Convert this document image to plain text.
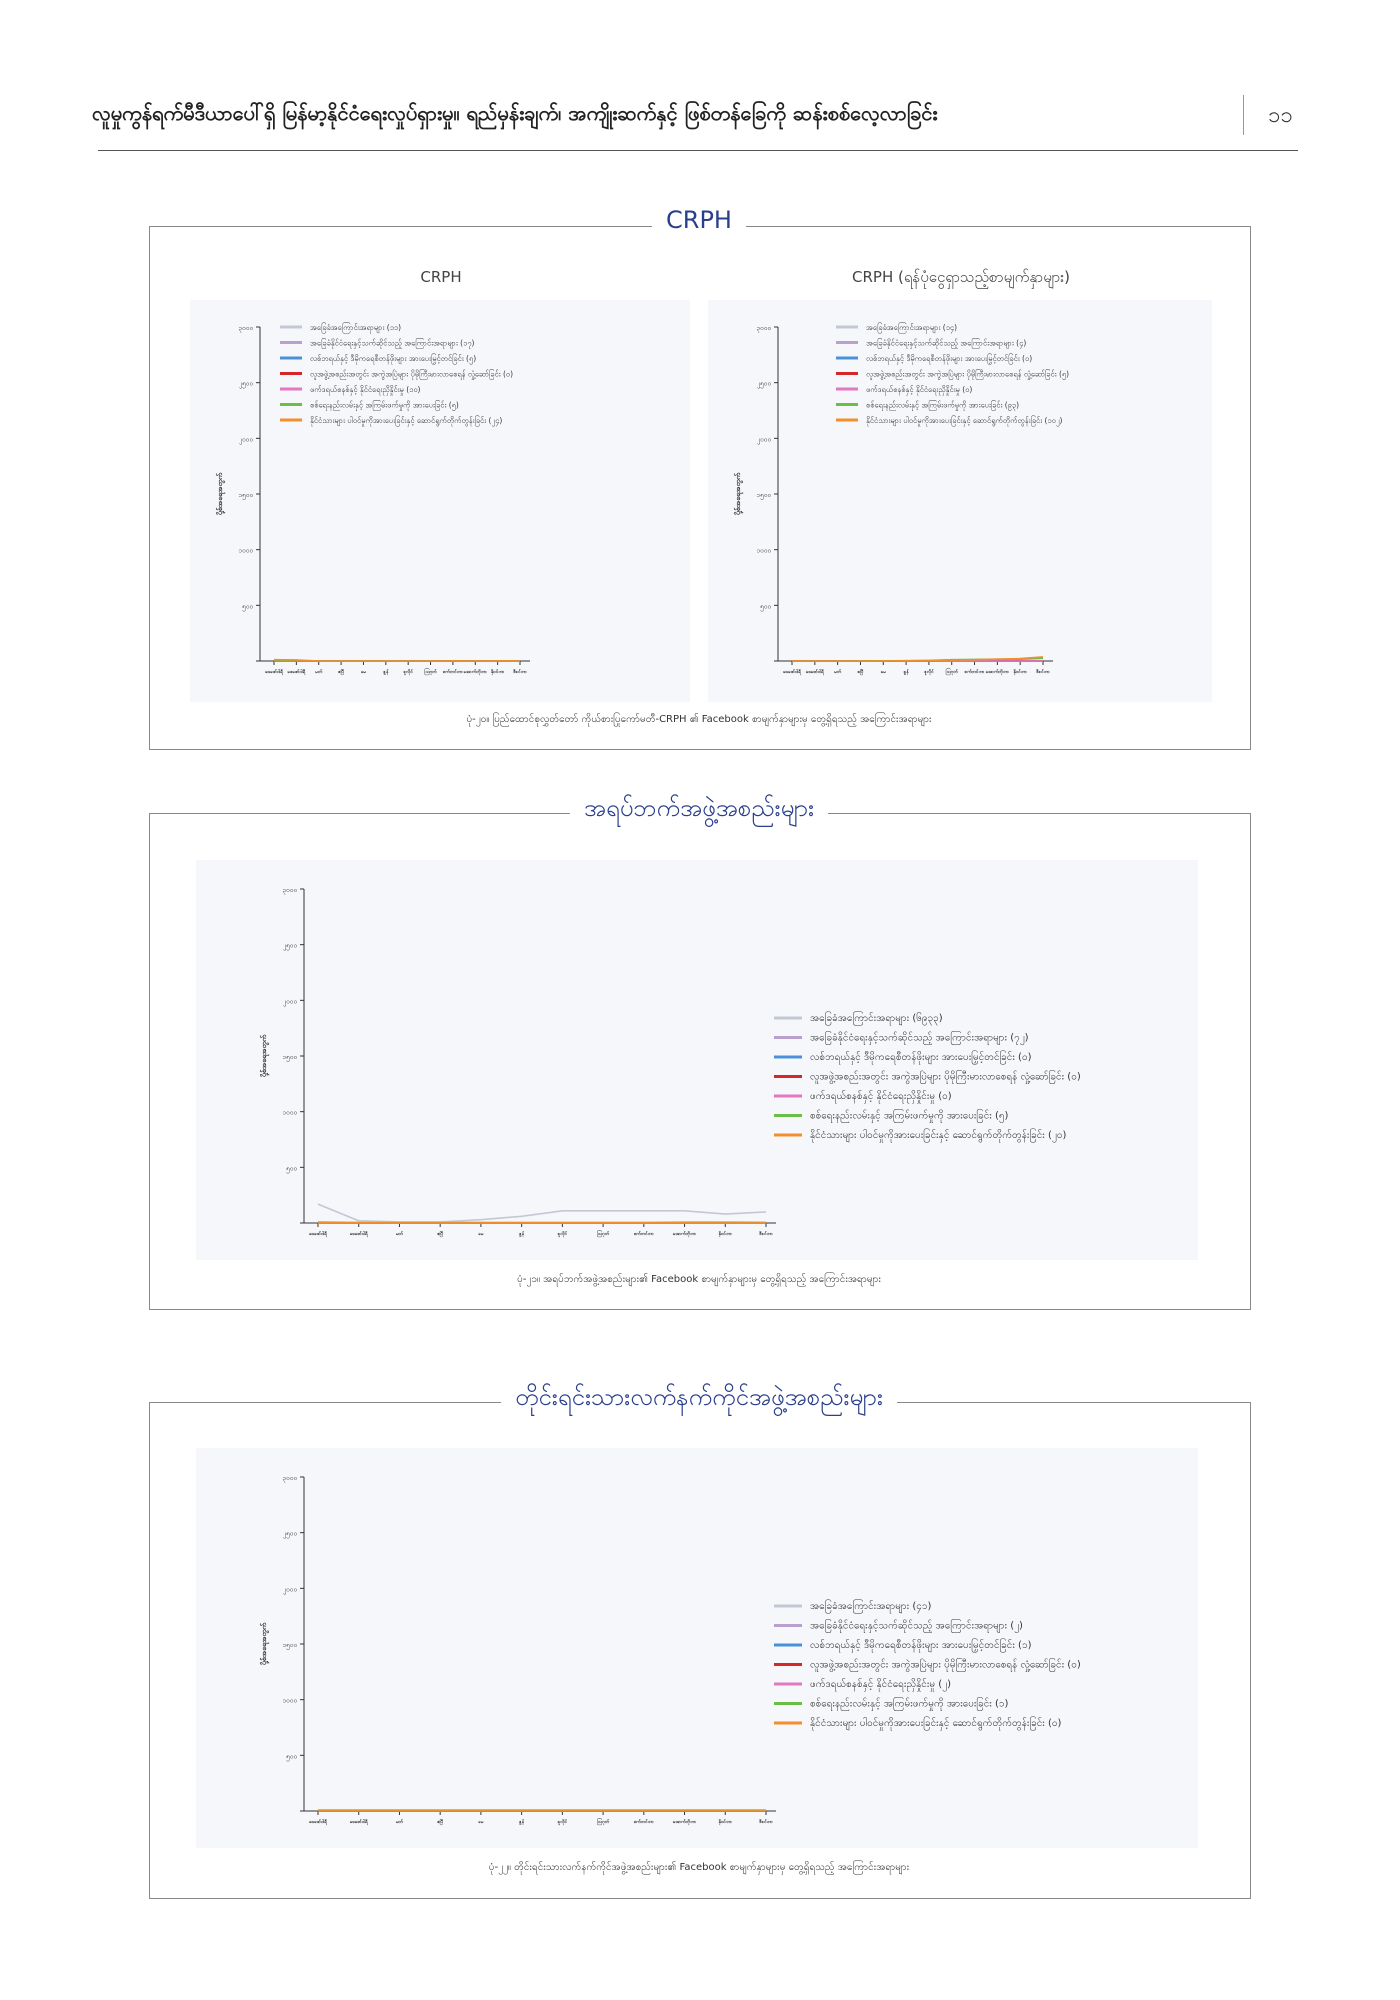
လူမှုကွန်ရက်မီဒီယာပေါ်ရှိ မြန်မာ့နိုင်ငံရေးလှုပ်ရှားမှု။ ရည်မှန်းချက်၊ အကျိုးဆက်နှင့် ဖြစ်တန်ခြေကို ဆန်းစစ်လေ့လာခြင်း	၁၁
CRPH
CRPH	CRPH (ရန်ပုံငွေရှာသည့်စာမျက်နှာများ)
ပုံ-၂၀။ ပြည်ထောင်စုလွှတ်တော် ကိုယ်စားပြုကော်မတီ-CRPH ၏ Facebook စာမျက်နှာများမှ တွေ့ရှိရသည့် အကြောင်းအရာများ
အရပ်ဘက်အဖွဲ့အစည်းများ
ပုံ-၂၁။ အရပ်ဘက်အဖွဲ့အစည်းများ၏ Facebook စာမျက်နှာများမှ တွေ့ရှိရသည့် အကြောင်းအရာများ
တိုင်းရင်းသားလက်နက်ကိုင်အဖွဲ့အစည်းများ
ပုံ-၂၂။ တိုင်းရင်းသားလက်နက်ကိုင်အဖွဲ့အစည်းများ၏ Facebook စာမျက်နှာများမှ တွေ့ရှိရသည့် အကြောင်းအရာများ
၅၀၀
၁၀၀၀
၁၅၀၀
၂၀၀၀
၂၅၀၀
၃၀၀၀
ပို့စ်အရေအတွက်
ဖေဖော်ဝါရီ	ဖေဖော်ဝါရီ	မတ်	ဧပြီ	မေ	ဇွန်	ဇူလိုင်	ဩဂုတ် စက်တင်ဘာ အောက်တိုဘာ နိုဝင်ဘာ ဒီဇင်ဘာ
အခြေခံအကြောင်းအရာများ (၁၁)
အခြေခံနိုင်ငံရေးနှင့်သက်ဆိုင်သည့် အကြောင်းအရာများ (၁၇)
လစ်ဘရယ်နှင့် ဒီမိုကရေစီတန်ဖိုးများ အားပေးမြှင့်တင်ခြင်း (၅)
လူအဖွဲ့အစည်းအတွင်း အကွဲအပြဲများ ပိုမိုကြီးမားလာစေရန် လှုံ့ဆော်ခြင်း (၀)
ဖက်ဒရယ်စနစ်နှင့် နိုင်ငံရေးညှိနှိုင်းမှု (၁၀)
စစ်ရေးနည်းလမ်းနှင့် အကြမ်းဖက်မှုကို အားပေးခြင်း (၅)
နိုင်ငံသားများ ပါဝင်မှုကိုအားပေးခြင်းနှင့် ဆောင်ရွက်တိုက်တွန်းခြင်း (၂၄)
၅၀၀
၁၀၀၀
၁၅၀၀
၂၀၀၀
၂၅၀၀
၃၀၀၀
ပို့စ်အရေအတွက်
ဖေဖော်ဝါရီ	ဖေဖော်ဝါရီ	မတ်	ဧပြီ	မေ	ဇွန်	ဇူလိုင်	ဩဂုတ် စက်တင်ဘာ အောက်တိုဘာ နိုဝင်ဘာ ဒီဇင်ဘာ
အခြေခံအကြောင်းအရာများ (၁၄)
အခြေခံနိုင်ငံရေးနှင့်သက်ဆိုင်သည့် အကြောင်းအရာများ (၄)
လစ်ဘရယ်နှင့် ဒီမိုကရေစီတန်ဖိုးများ အားပေးမြှင့်တင်ခြင်း (၀)
လူအဖွဲ့အစည်းအတွင်း အကွဲအပြဲများ ပိုမိုကြီးမားလာစေရန် လှုံ့ဆော်ခြင်း (၅)
ဖက်ဒရယ်စနစ်နှင့် နိုင်ငံရေးညှိနှိုင်းမှု (၀)
စစ်ရေးနည်းလမ်းနှင့် အကြမ်းဖက်မှုကို အားပေးခြင်း (၉၃)
နိုင်ငံသားများ ပါဝင်မှုကိုအားပေးခြင်းနှင့် ဆောင်ရွက်တိုက်တွန်းခြင်း (၁၀၂)
၅၀၀
၁၀၀၀
၁၅၀၀
၂၀၀၀
၂၅၀၀
၃၀၀၀
ပို့စ်အရေအတွက်
ဖေဖော်ဝါရီ	ဖေဖော်ဝါရီ	မတ်	ဧပြီ	မေ	ဇွန်	ဇူလိုင်	ဩဂုတ်	စက်တင်ဘာ	အောက်တိုဘာ	နိုဝင်ဘာ	ဒီဇင်ဘာ
အခြေခံအကြောင်းအရာများ (၆၉၃၃)
အခြေခံနိုင်ငံရေးနှင့်သက်ဆိုင်သည့် အကြောင်းအရာများ (၇၂)
လစ်ဘရယ်နှင့် ဒီမိုကရေစီတန်ဖိုးများ အားပေးမြှင့်တင်ခြင်း (၀)
လူအဖွဲ့အစည်းအတွင်း အကွဲအပြဲများ ပိုမိုကြီးမားလာစေရန် လှုံ့ဆော်ခြင်း (၀)
ဖက်ဒရယ်စနစ်နှင့် နိုင်ငံရေးညှိနှိုင်းမှု (၀)
စစ်ရေးနည်းလမ်းနှင့် အကြမ်းဖက်မှုကို အားပေးခြင်း (၅)
နိုင်ငံသားများ ပါဝင်မှုကိုအားပေးခြင်းနှင့် ဆောင်ရွက်တိုက်တွန်းခြင်း (၂၀)
၅၀၀
၁၀၀၀
၁၅၀၀
၂၀၀၀
၂၅၀၀
၃၀၀၀
ပို့စ်အရေအတွက်
ဖေဖော်ဝါရီ	ဖေဖော်ဝါရီ	မတ်	ဧပြီ	မေ	ဇွန်	ဇူလိုင်	ဩဂုတ်	စက်တင်ဘာ	အောက်တိုဘာ	နိုဝင်ဘာ	ဒီဇင်ဘာ
အခြေခံအကြောင်းအရာများ (၄၁)
အခြေခံနိုင်ငံရေးနှင့်သက်ဆိုင်သည့် အကြောင်းအရာများ (၂)
လစ်ဘရယ်နှင့် ဒီမိုကရေစီတန်ဖိုးများ အားပေးမြှင့်တင်ခြင်း (၁)
လူအဖွဲ့အစည်းအတွင်း အကွဲအပြဲများ ပိုမိုကြီးမားလာစေရန် လှုံ့ဆော်ခြင်း (၀)
ဖက်ဒရယ်စနစ်နှင့် နိုင်ငံရေးညှိနှိုင်းမှု (၂)
စစ်ရေးနည်းလမ်းနှင့် အကြမ်းဖက်မှုကို အားပေးခြင်း (၁)
နိုင်ငံသားများ ပါဝင်မှုကိုအားပေးခြင်းနှင့် ဆောင်ရွက်တိုက်တွန်းခြင်း (၀)
